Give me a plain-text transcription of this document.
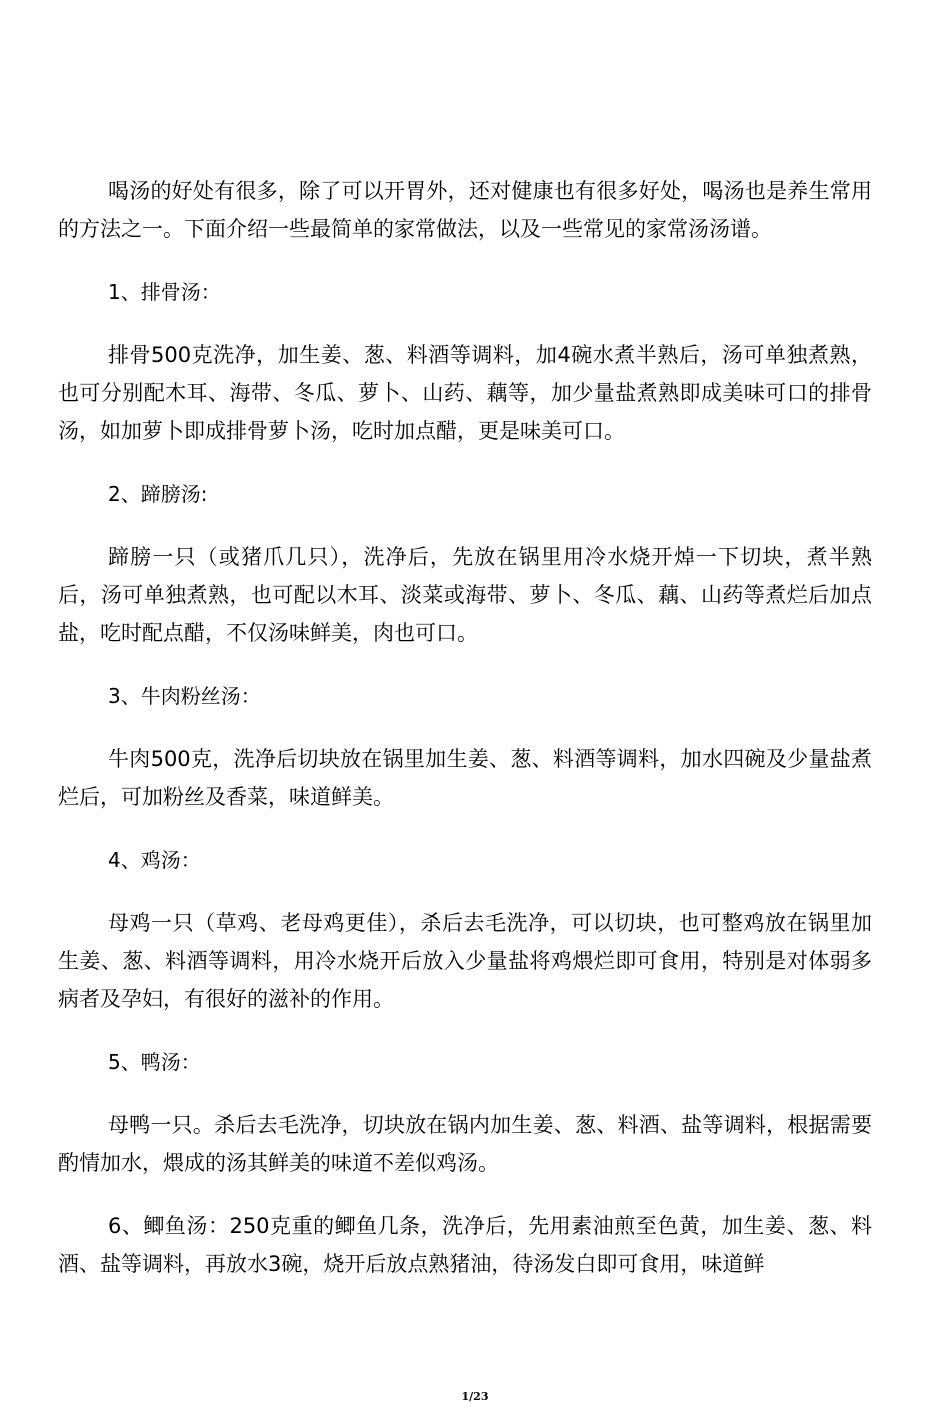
喝汤的好处有很多，除了可以开胃外，还对健康也有很多好处，喝汤也是养生常用的方法之一。下面介绍一些最简单的家常做法，以及一些常见的家常汤汤谱。

1、排骨汤：

排骨500克洗净，加生姜、葱、料酒等调料，加4碗水煮半熟后，汤可单独煮熟，也可分别配木耳、海带、冬瓜、萝卜、山药、藕等，加少量盐煮熟即成美味可口的排骨汤，如加萝卜即成排骨萝卜汤，吃时加点醋，更是味美可口。

2、蹄膀汤:

蹄膀一只（或猪爪几只），洗净后，先放在锅里用冷水烧开焯一下切块，煮半熟后，汤可单独煮熟，也可配以木耳、淡菜或海带、萝卜、冬瓜、藕、山药等煮烂后加点盐，吃时配点醋，不仅汤味鲜美，肉也可口。

3、牛肉粉丝汤：

牛肉500克，洗净后切块放在锅里加生姜、葱、料酒等调料，加水四碗及少量盐煮烂后，可加粉丝及香菜，味道鲜美。

4、鸡汤：

母鸡一只（草鸡、老母鸡更佳），杀后去毛洗净，可以切块，也可整鸡放在锅里加生姜、葱、料酒等调料，用冷水烧开后放入少量盐将鸡煨烂即可食用，特别是对体弱多病者及孕妇，有很好的滋补的作用。

5、鸭汤：

母鸭一只。杀后去毛洗净，切块放在锅内加生姜、葱、料酒、盐等调料，根据需要酌情加水，煨成的汤其鲜美的味道不差似鸡汤。

6、鲫鱼汤：250克重的鲫鱼几条，洗净后，先用素油煎至色黄，加生姜、葱、料酒、盐等调料，再放水3碗，烧开后放点熟猪油，待汤发白即可食用，味道鲜

1/23
